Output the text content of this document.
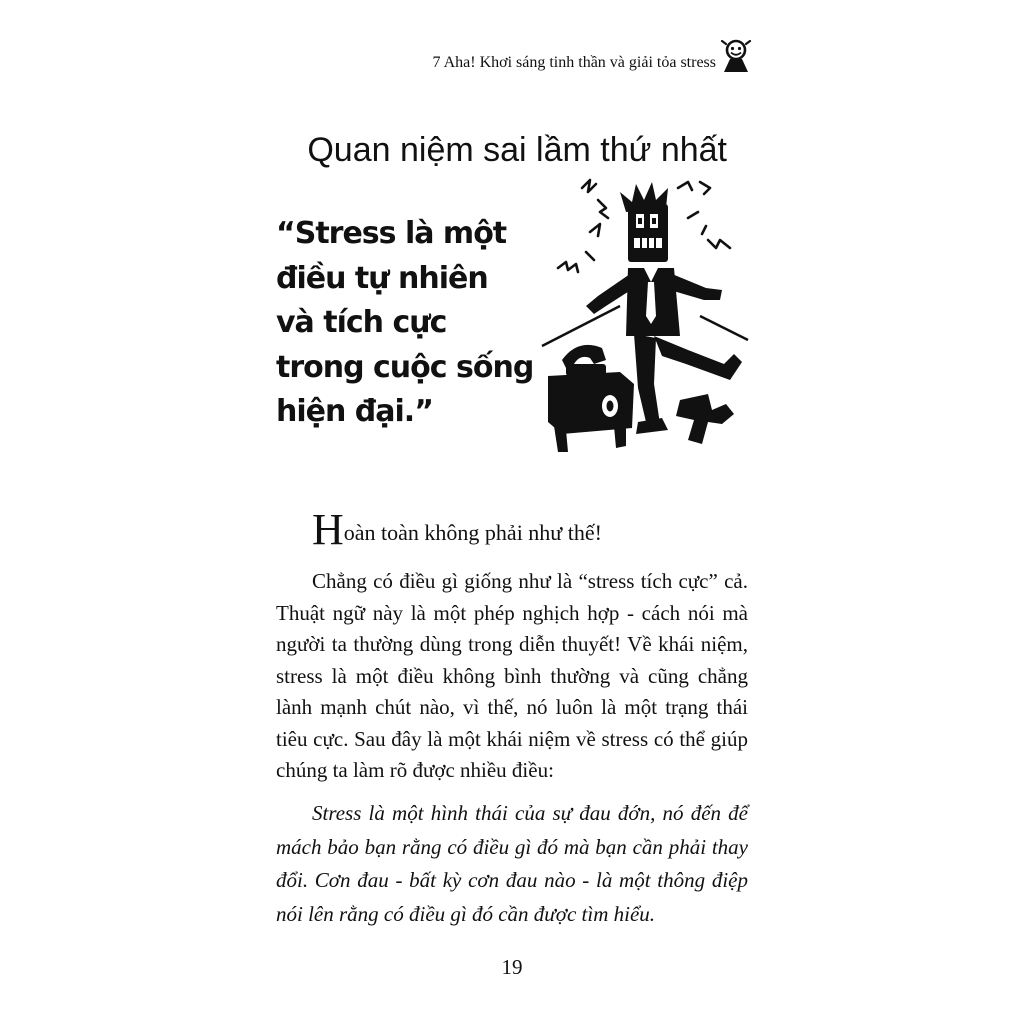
7 Aha! Khơi sáng tinh thần và giải tỏa stress
Quan niệm sai lầm thứ nhất
“Stress là một
điều tự nhiên
và tích cực
trong cuộc sống
hiện đại.”

Hoàn toàn không phải như thế!

Chẳng có điều gì giống như là “stress tích cực” cả. Thuật ngữ này là một phép nghịch hợp - cách nói mà người ta thường dùng trong diễn thuyết! Về khái niệm, stress là một điều không bình thường và cũng chẳng lành mạnh chút nào, vì thế, nó luôn là một trạng thái tiêu cực. Sau đây là một khái niệm về stress có thể giúp chúng ta làm rõ được nhiều điều:

Stress là một hình thái của sự đau đớn, nó đến để mách bảo bạn rằng có điều gì đó mà bạn cần phải thay đổi. Cơn đau - bất kỳ cơn đau nào - là một thông điệp nói lên rằng có điều gì đó cần được tìm hiểu.

19
